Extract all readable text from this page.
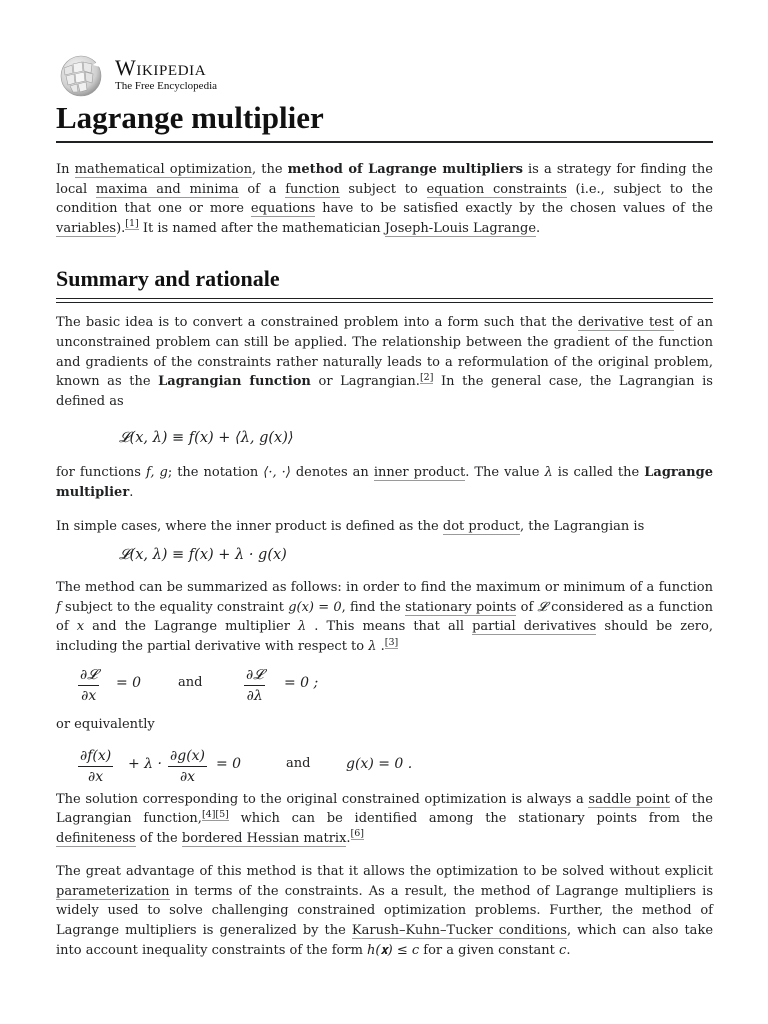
Wikipedia
The Free Encyclopedia
Lagrange multiplier

In mathematical optimization, the method of Lagrange multipliers is a strategy for finding the local maxima and minima of a function subject to equation constraints (i.e., subject to the condition that one or more equations have to be satisfied exactly by the chosen values of the variables).[1] It is named after the mathematician Joseph-Louis Lagrange.

Summary and rationale

The basic idea is to convert a constrained problem into a form such that the derivative test of an unconstrained problem can still be applied. The relationship between the gradient of the function and gradients of the constraints rather naturally leads to a reformulation of the original problem, known as the Lagrangian function or Lagrangian.[2] In the general case, the Lagrangian is defined as

𝓛(x, λ) ≡ f(x) + ⟨λ, g(x)⟩

for functions f, g; the notation ⟨·, ·⟩ denotes an inner product. The value λ is called the Lagrange multiplier.

In simple cases, where the inner product is defined as the dot product, the Lagrangian is

𝓛(x, λ) ≡ f(x) + λ · g(x)

The method can be summarized as follows: in order to find the maximum or minimum of a function f subject to the equality constraint g(x) = 0, find the stationary points of 𝓛 considered as a function of x and the Lagrange multiplier λ . This means that all partial derivatives should be zero, including the partial derivative with respect to λ .[3]

∂𝓛
∂x
= 0	and	∂𝓛
∂λ
= 0 ;
or equivalently
$\frac{\partial f(x)}{\partial x} + \lambda \cdot \frac{\partial g(x)}{\partial x} = 0$	and	g(x) = 0 .

The solution corresponding to the original constrained optimization is always a saddle point of the Lagrangian function,[4][5] which can be identified among the stationary points from the definiteness of the bordered Hessian matrix.[6]

The great advantage of this method is that it allows the optimization to be solved without explicit parameterization in terms of the constraints. As a result, the method of Lagrange multipliers is widely used to solve challenging constrained optimization problems. Further, the method of Lagrange multipliers is generalized by the Karush–Kuhn–Tucker conditions, which can also take into account inequality constraints of the form h(𝐱) ≤ c for a given constant c.
